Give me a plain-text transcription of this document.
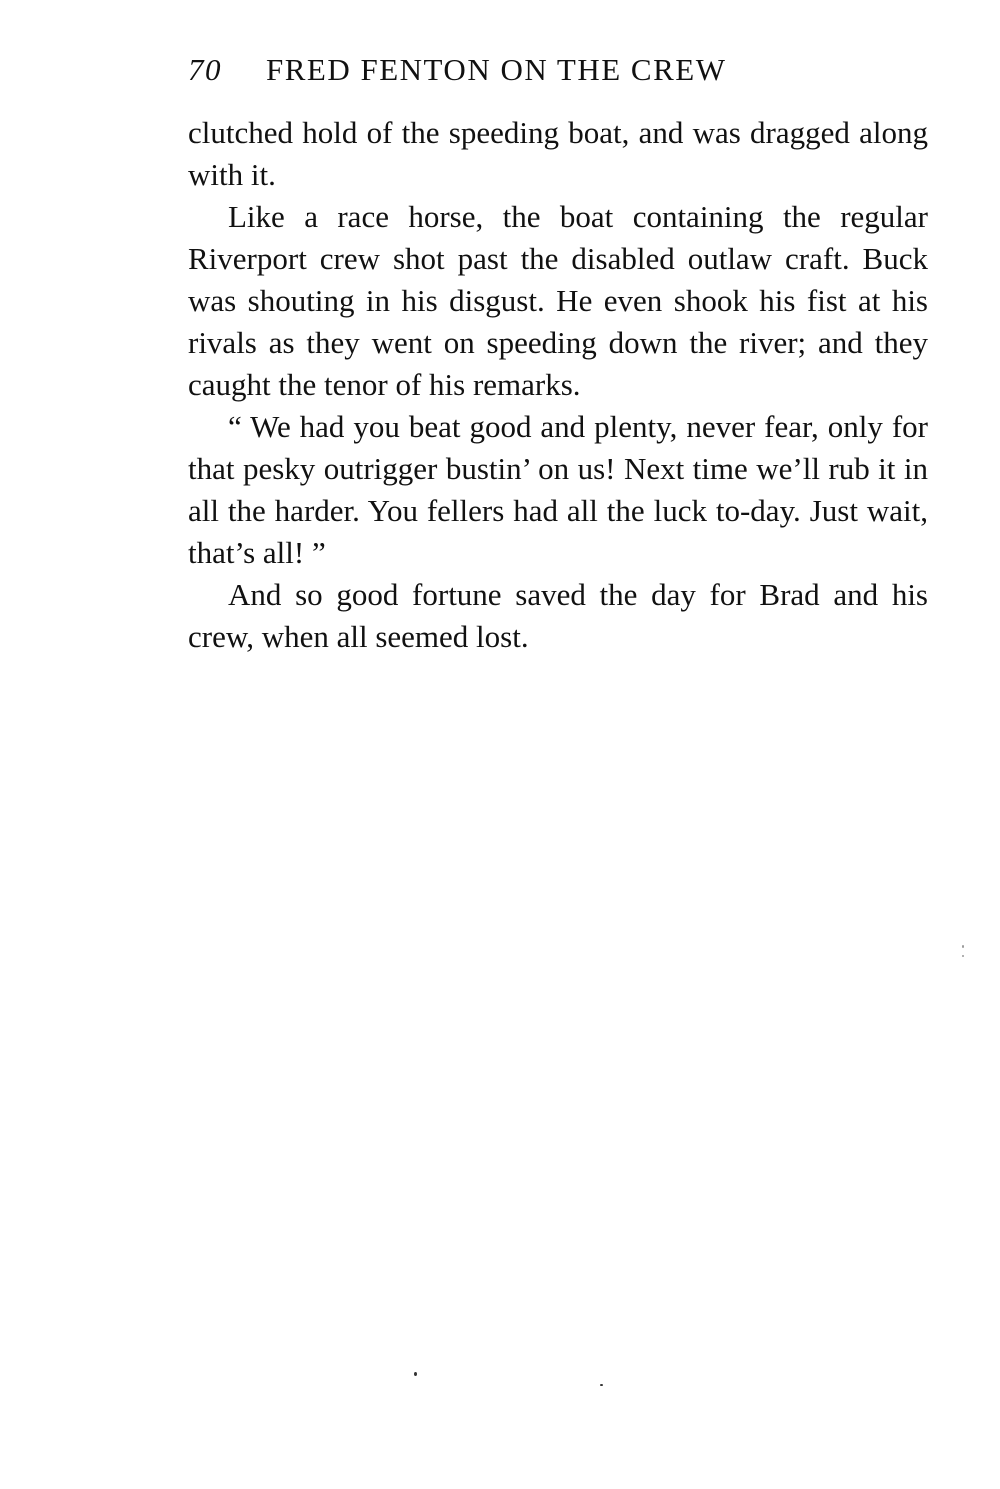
70 FRED FENTON ON THE CREW

clutched hold of the speeding boat, and was dragged along with it.

Like a race horse, the boat containing the regular Riverport crew shot past the disabled outlaw craft. Buck was shouting in his disgust. He even shook his fist at his rivals as they went on speeding down the river; and they caught the tenor of his remarks.

“ We had you beat good and plenty, never fear, only for that pesky outrigger bustin’ on us! Next time we’ll rub it in all the harder. You fellers had all the luck to-day. Just wait, that’s all! ”

And so good fortune saved the day for Brad and his crew, when all seemed lost.
